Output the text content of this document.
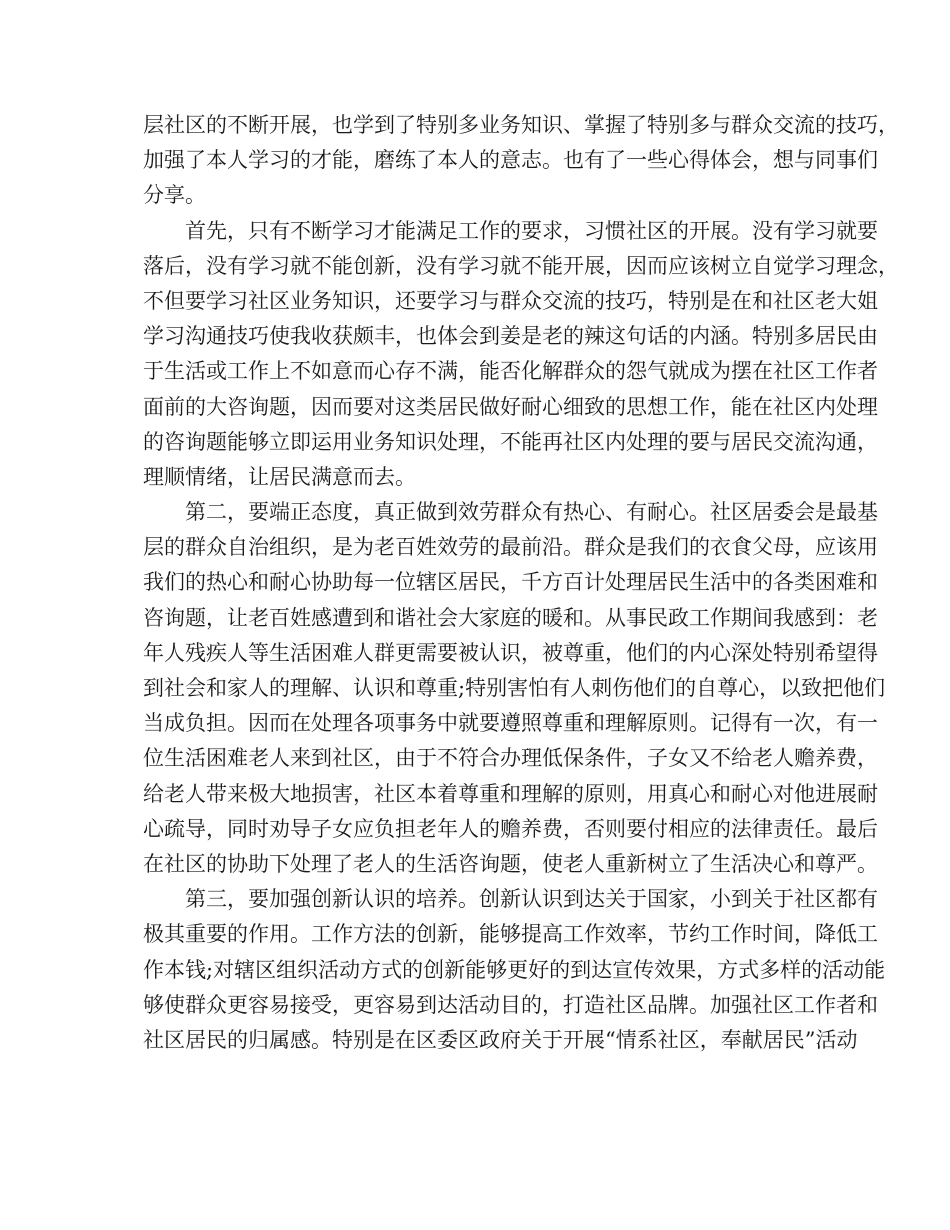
层社区的不断开展，也学到了特别多业务知识、掌握了特别多与群众交流的技巧，
加强了本人学习的才能，磨练了本人的意志。也有了一些心得体会，想与同事们
分享。
首先，只有不断学习才能满足工作的要求，习惯社区的开展。没有学习就要
落后，没有学习就不能创新，没有学习就不能开展，因而应该树立自觉学习理念，
不但要学习社区业务知识，还要学习与群众交流的技巧，特别是在和社区老大姐
学习沟通技巧使我收获颇丰，也体会到姜是老的辣这句话的内涵。特别多居民由
于生活或工作上不如意而心存不满，能否化解群众的怨气就成为摆在社区工作者
面前的大咨询题，因而要对这类居民做好耐心细致的思想工作，能在社区内处理
的咨询题能够立即运用业务知识处理，不能再社区内处理的要与居民交流沟通，
理顺情绪，让居民满意而去。
第二，要端正态度，真正做到效劳群众有热心、有耐心。社区居委会是最基
层的群众自治组织，是为老百姓效劳的最前沿。群众是我们的衣食父母，应该用
我们的热心和耐心协助每一位辖区居民，千方百计处理居民生活中的各类困难和
咨询题，让老百姓感遭到和谐社会大家庭的暖和。从事民政工作期间我感到：老
年人残疾人等生活困难人群更需要被认识，被尊重，他们的内心深处特别希望得
到社会和家人的理解、认识和尊重;特别害怕有人刺伤他们的自尊心，以致把他们
当成负担。因而在处理各项事务中就要遵照尊重和理解原则。记得有一次，有一
位生活困难老人来到社区，由于不符合办理低保条件，子女又不给老人赡养费，
给老人带来极大地损害，社区本着尊重和理解的原则，用真心和耐心对他进展耐
心疏导，同时劝导子女应负担老年人的赡养费，否则要付相应的法律责任。最后
在社区的协助下处理了老人的生活咨询题，使老人重新树立了生活决心和尊严。
第三，要加强创新认识的培养。创新认识到达关于国家，小到关于社区都有
极其重要的作用。工作方法的创新，能够提高工作效率，节约工作时间，降低工
作本钱;对辖区组织活动方式的创新能够更好的到达宣传效果，方式多样的活动能
够使群众更容易接受，更容易到达活动目的，打造社区品牌。加强社区工作者和
社区居民的归属感。特别是在区委区政府关于开展“情系社区，奉献居民”活动
